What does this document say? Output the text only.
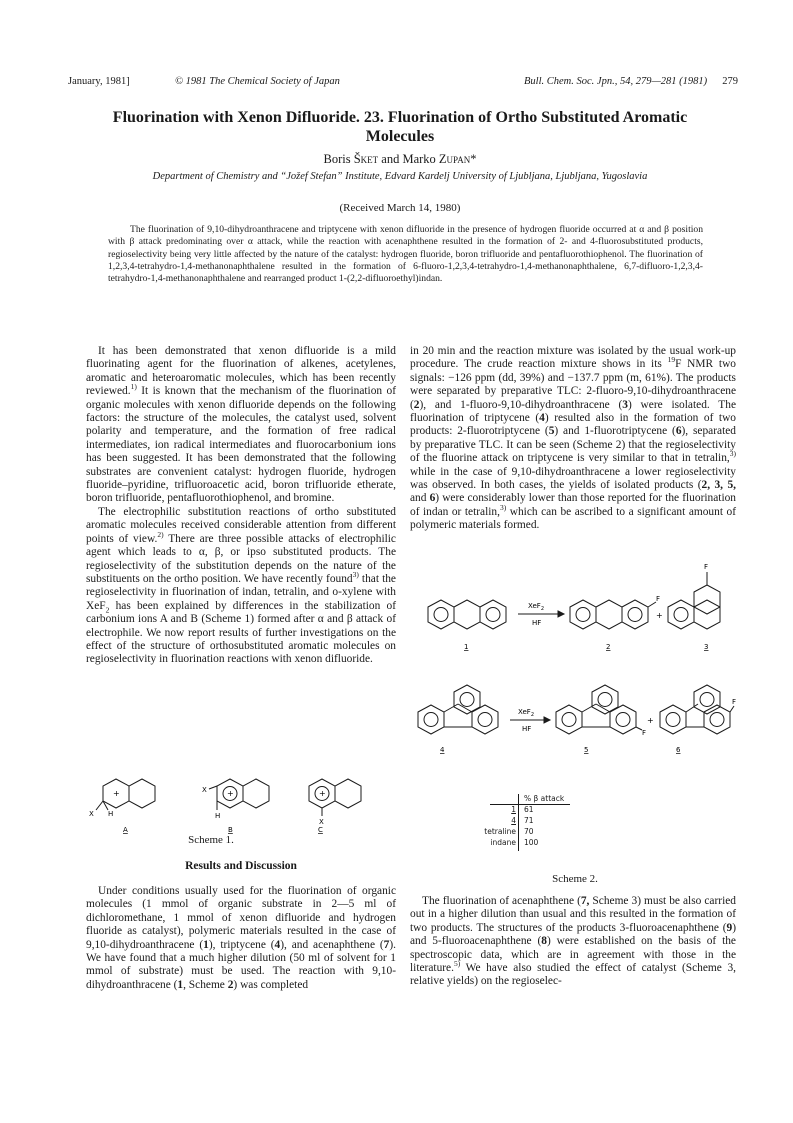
January, 1981]	© 1981 The Chemical Society of Japan	Bull. Chem. Soc. Jpn., 54, 279—281 (1981) 279
Fluorination with Xenon Difluoride. 23. Fluorination of Ortho Substituted Aromatic Molecules
Boris Šket and Marko Zupan*
Department of Chemistry and “Jožef Stefan” Institute, Edvard Kardelj University of Ljubljana, Ljubljana, Yugoslavia
(Received March 14, 1980)

The fluorination of 9,10-dihydroanthracene and triptycene with xenon difluoride in the presence of hydrogen fluoride occurred at α and β position with β attack predominating over α attack, while the reaction with acenaphthene resulted in the formation of 2- and 4-fluorosubstituted products, regioselectivity being very little affected by the nature of the catalyst: hydrogen fluoride, boron trifluoride and pentafluorothiophenol. The fluorination of 1,2,3,4-tetrahydro-1,4-methanonaphthalene resulted in the formation of 6-fluoro-1,2,3,4-tetrahydro-1,4-methanonaphthalene, 6,7-difluoro-1,2,3,4-tetrahydro-1,4-methanonaphthalene and rearranged product 1-(2,2-difluoroethyl)indan.

It has been demonstrated that xenon difluoride is a mild fluorinating agent for the fluorination of alkenes, acetylenes, aromatic and heteroaromatic molecules, which has been recently reviewed.$^{1)}$ It is known that the mechanism of the fluorination of organic molecules with xenon difluoride depends on the following factors: the structure of the molecules, the catalyst used, solvent polarity and temperature, and the formation of free radical intermediates, ion radical intermediates and fluorocarbonium ions has been suggested. It has been demonstrated that the following substrates are convenient catalyst: hydrogen fluoride, hydrogen fluoride–pyridine, trifluoroacetic acid, boron trifluoride etherate, boron trifluoride, pentafluorothiophenol, and bromine.

The electrophilic substitution reactions of ortho substituted aromatic molecules received considerable attention from different points of view.$^{2)}$ There are three possible attacks of electrophilic agent which leads to α, β, or ipso substituted products. The regioselectivity of the substitution depends on the nature of the substituents on the ortho position. We have recently found$^{3)}$ that the regioselectivity in fluorination of indan, tetralin, and o-xylene with XeF$_2$ has been explained by differences in the stabilization of carbonium ions A and B (Scheme 1) formed after α and β attack of electrophile. We now report results of further investigations on the effect of the structure of orthosubstituted aromatic molecules on regioselectivity in fluorination reactions with xenon difluoride.

+	+	+
X H
X
H
X
A	B	C
Scheme 1.
Results and Discussion

Under conditions usually used for the fluorination of organic molecules (1 mmol of organic substrate in 2—5 ml of dichloromethane, 1 mmol of xenon difluoride and hydrogen fluoride as catalyst), polymeric materials resulted in the case of 9,10-dihydroanthracene (1), triptycene (4), and acenaphthene (7). We have found that a much higher dilution (50 ml of solvent for 1 mmol of substrate) must be used. The reaction with 9,10-dihydroanthracene (1, Scheme 2) was completed

in 20 min and the reaction mixture was isolated by the usual work-up procedure. The crude reaction mixture shows in its $^{19}$F NMR two signals: −126 ppm (dd, 39%) and −137.7 ppm (m, 61%). The products were separated by preparative TLC: 2-fluoro-9,10-dihydroanthracene (2), and 1-fluoro-9,10-dihydroanthracene (3) were isolated. The fluorination of triptycene (4) resulted also in the formation of two products: 2-fluorotriptycene (5) and 1-fluorotriptycene (6), separated by preparative TLC. It can be seen (Scheme 2) that the regioselectivity of the fluorine attack on triptycene is very similar to that in tetralin,$^{3)}$ while in the case of 9,10-dihydroanthracene a lower regioselectivity was observed. In both cases, the yields of isolated products (2, 3, 5, and 6) were considerably lower than those reported for the fluorination of indan or tetralin,$^{3)}$ which can be ascribed to a significant amount of polymeric materials formed.

XeF$_2$
HF
XeF$_2$
HF
F
F
F
F
+
+
1	2	3
4	5	6
% β attack
1 61
4 71
tetraline 70
indane 100
Scheme 2.

The fluorination of acenaphthene (7, Scheme 3) must be also carried out in a higher dilution than usual and this resulted in the formation of two products. The structures of the products 3-fluoroacenaphthene (9) and 5-fluoroacenaphthene (8) were established on the basis of the spectroscopic data, which are in agreement with those in the literature.$^{5)}$ We have also studied the effect of catalyst (Scheme 3, relative yields) on the regioselec-
